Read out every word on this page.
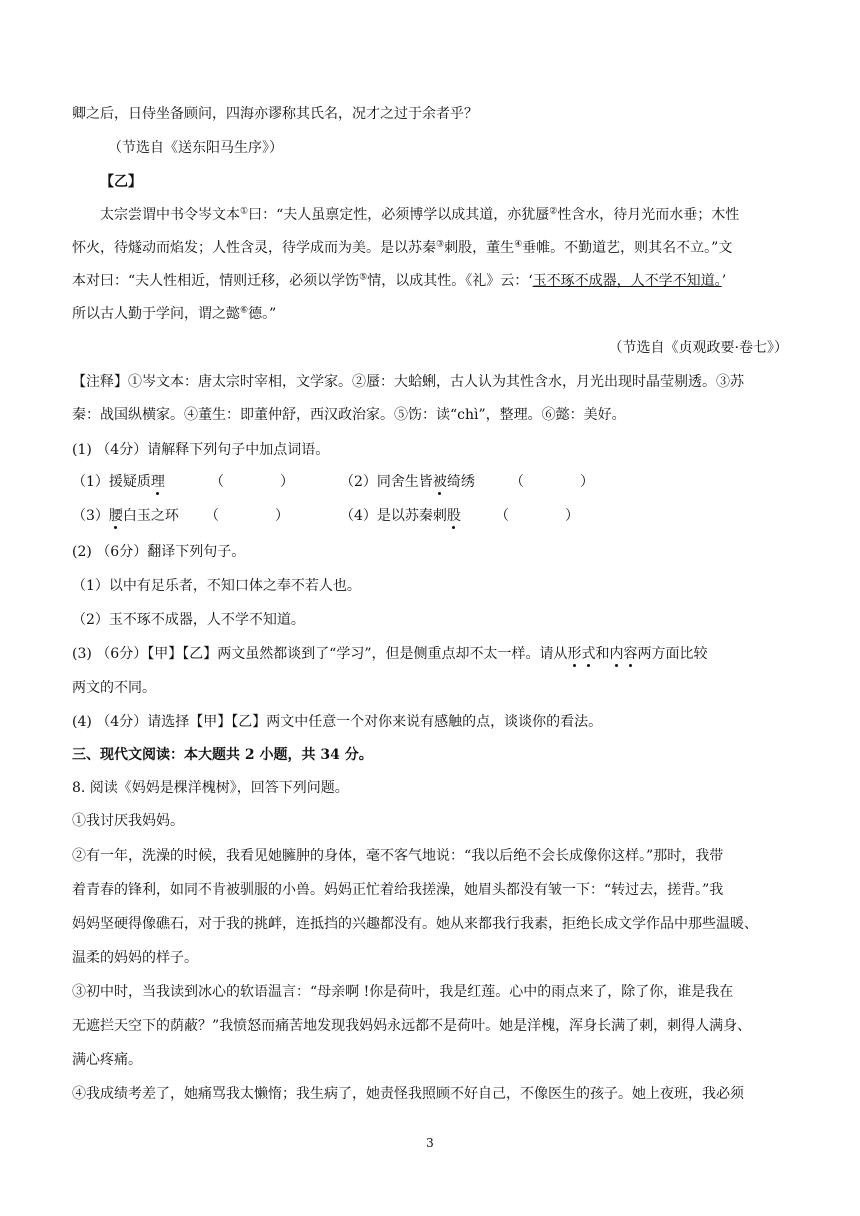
卿之后，日侍坐备顾问，四海亦谬称其氏名，况才之过于余者乎？
（节选自《送东阳马生序》）
【乙】
太宗尝谓中书令岑文本①曰：“夫人虽禀定性，必须博学以成其道，亦犹蜃②性含水，待月光而水垂；木性
怀火，待燧动而焰发；人性含灵，待学成而为美。是以苏秦③刺股，董生④垂帷。不勤道艺，则其名不立。”文
本对曰：“夫人性相近，情则迁移，必须以学饬⑤情，以成其性。《礼》云：‘玉不琢不成器，人不学不知道。’
所以古人勤于学问，谓之懿⑥德。”
（节选自《贞观政要·卷七》）
【注释】①岑文本：唐太宗时宰相，文学家。②蜃：大蛤蜊，古人认为其性含水，月光出现时晶莹剔透。③苏
秦：战国纵横家。④董生：即董仲舒，西汉政治家。⑤饬：读“chì”，整理。⑥懿：美好。
(1) （4分）请解释下列句子中加点词语。
（1）援疑质理	（　　　　）	（2）同舍生皆被绮绣	（　　　　）
（3）腰白玉之环 （　　　　）	（4）是以苏秦刺股 （　　　　）
(2) （6分）翻译下列句子。
（1）以中有足乐者，不知口体之奉不若人也。
（2）玉不琢不成器，人不学不知道。
(3) （6分）【甲】【乙】两文虽然都谈到了“学习”，但是侧重点却不太一样。请从形式和内容两方面比较
两文的不同。
(4) （4分）请选择【甲】【乙】两文中任意一个对你来说有感触的点，谈谈你的看法。
三、现代文阅读：本大题共 2 小题，共 34 分。
8. 阅读《妈妈是棵洋槐树》，回答下列问题。
①我讨厌我妈妈。
②有一年，洗澡的时候，我看见她臃肿的身体，毫不客气地说：“我以后绝不会长成像你这样。”那时，我带
着青春的锋利，如同不肯被驯服的小兽。妈妈正忙着给我搓澡，她眉头都没有皱一下：“转过去，搓背。”我
妈妈坚硬得像礁石，对于我的挑衅，连抵挡的兴趣都没有。她从来都我行我素，拒绝长成文学作品中那些温暖、
温柔的妈妈的样子。
③初中时，当我读到冰心的软语温言：“母亲啊 !你是荷叶，我是红莲。心中的雨点来了，除了你，谁是我在
无遮拦天空下的荫蔽？”我愤怒而痛苦地发现我妈妈永远都不是荷叶。她是洋槐，浑身长满了刺，刺得人满身、
满心疼痛。
④我成绩考差了，她痛骂我太懒惰；我生病了，她责怪我照顾不好自己，不像医生的孩子。她上夜班，我必须
3
